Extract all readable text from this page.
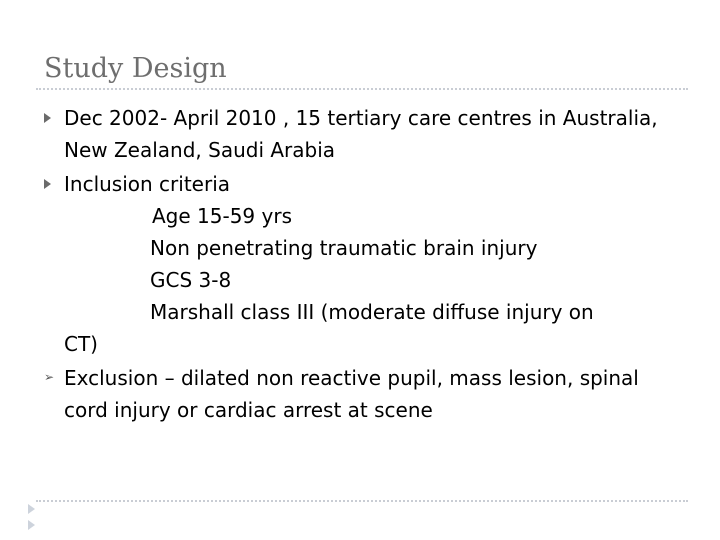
Study Design
Dec 2002- April 2010 , 15 tertiary care centres in Australia, New Zealand, Saudi Arabia
Inclusion criteria
Age 15-59 yrs
Non penetrating traumatic brain injury
GCS 3-8
Marshall class III (moderate diffuse injury on
CT)
➢
Exclusion – dilated non reactive pupil, mass lesion, spinal cord injury or cardiac arrest at scene
